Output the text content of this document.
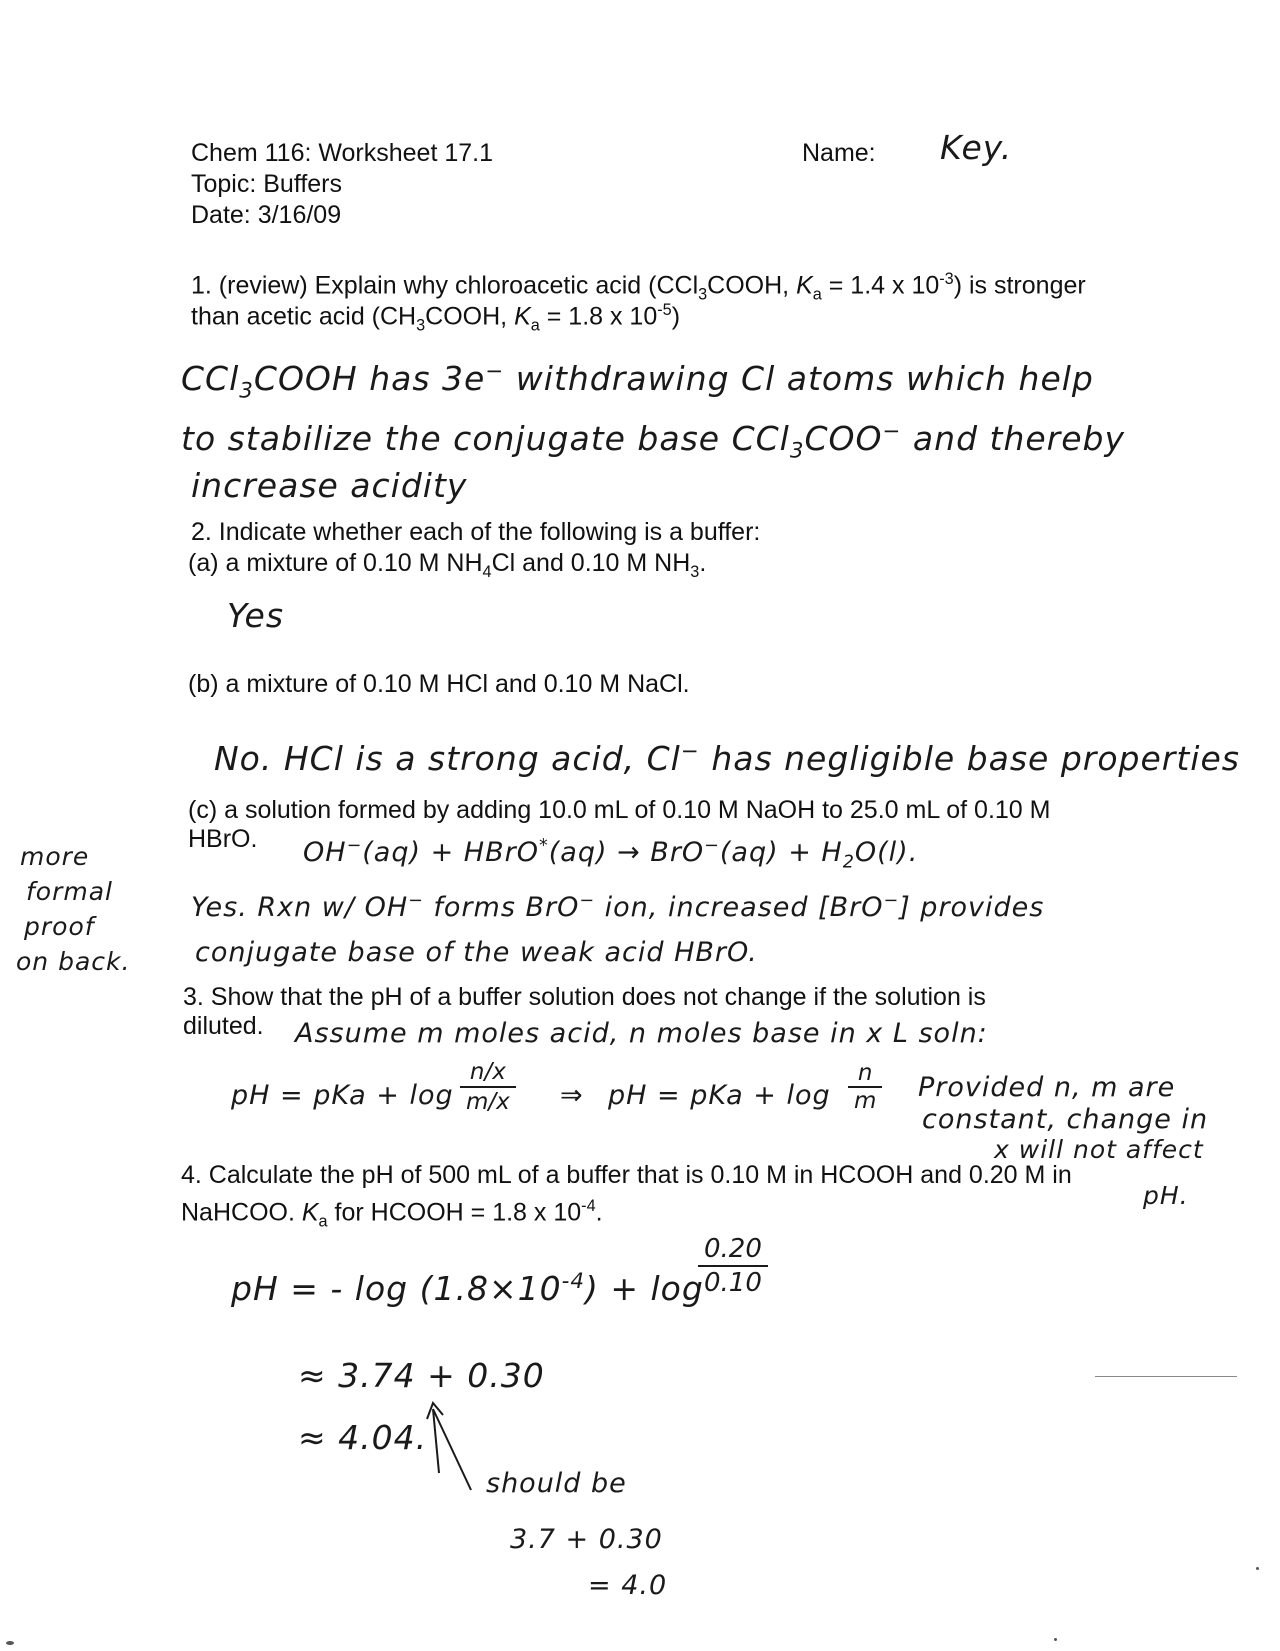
Chem 116: Worksheet 17.1
Topic: Buffers
Date: 3/16/09
Name: Key.
1. (review) Explain why chloroacetic acid (CCl$_3$COOH, $K_a = 1.4$ x $10^{-3}$) is stronger
than acetic acid ($CH_3COOH$, $K_a = 1.8$ x $10^{-5}$)
CCl$_3$COOH has 3e− withdrawing Cl atoms which help
to stabilize the conjugate base CCl$_3$COO− and thereby
increase acidity
2. Indicate whether each of the following is a buffer:
(a) a mixture of 0.10 M $NH_4Cl$ and 0.10 M $NH_3$.
Yes
(b) a mixture of 0.10 M HCl and 0.10 M NaCl.
No. HCl is a strong acid, Cl− has negligible base properties
(c) a solution formed by adding 10.0 mL of 0.10 M NaOH to 25.0 mL of 0.10 M
HBrO. OH−(aq) + HBrO*(aq) → $BrO^-(aq) + H_2O(l)$.
Yes. Rxn w/ OH− forms BrO− ion, increased [BrO−] provides
conjugate base of the weak acid HBrO.
more
formal
proof
on back.
3. Show that the pH of a buffer solution does not change if the solution is
diluted. Assume m moles acid, n moles base in x L soln:
pH = pKa + $\log \frac{n/x}{m/x}$ ⇒ pH = pKa + $\log \frac{n}{m}$ Provided n, m are
constant, change in
x will not affect
pH.
4. Calculate the pH of 500 mL of a buffer that is 0.10 M in HCOOH and 0.20 M in
NaHCOO. $K_a$ for HCOOH = 1.8 x $10^{-4}$.
pH = - $\log (1.8\times 10^{-4}) + \log$
$\frac{0.20}{0.10}$
≈ 3.74 + 0.30
≈ 4.04.
should be
3.7 + 0.30
= 4.0
